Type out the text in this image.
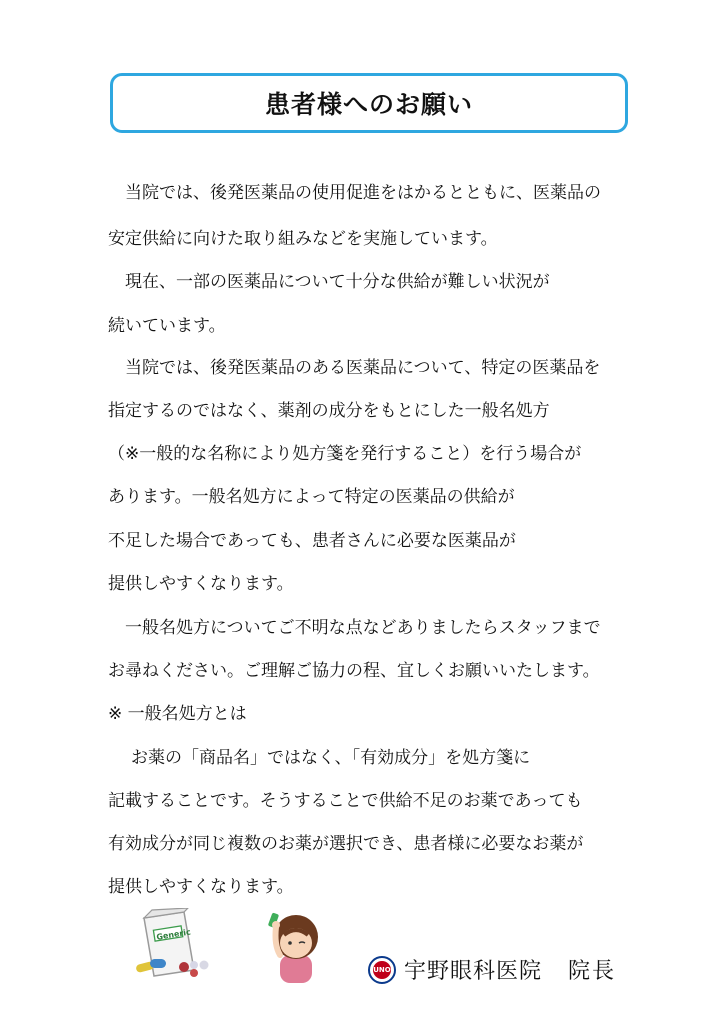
患者様へのお願い
当院では、後発医薬品の使用促進をはかるとともに、医薬品の
安定供給に向けた取り組みなどを実施しています。
現在、一部の医薬品について十分な供給が難しい状況が
続いています。
当院では、後発医薬品のある医薬品について、特定の医薬品を
指定するのではなく、薬剤の成分をもとにした一般名処方
（※一般的な名称により処方箋を発行すること）を行う場合が
あります。一般名処方によって特定の医薬品の供給が
不足した場合であっても、患者さんに必要な医薬品が
提供しやすくなります。
一般名処方についてご不明な点などありましたらスタッフまで
お尋ねください。ご理解ご協力の程、宜しくお願いいたします。
※ 一般名処方とは
お薬の「商品名」ではなく、「有効成分」を処方箋に
記載することです。そうすることで供給不足のお薬であっても
有効成分が同じ複数のお薬が選択でき、患者様に必要なお薬が
提供しやすくなります。
Generic
UNO 宇野眼科医院 院長
